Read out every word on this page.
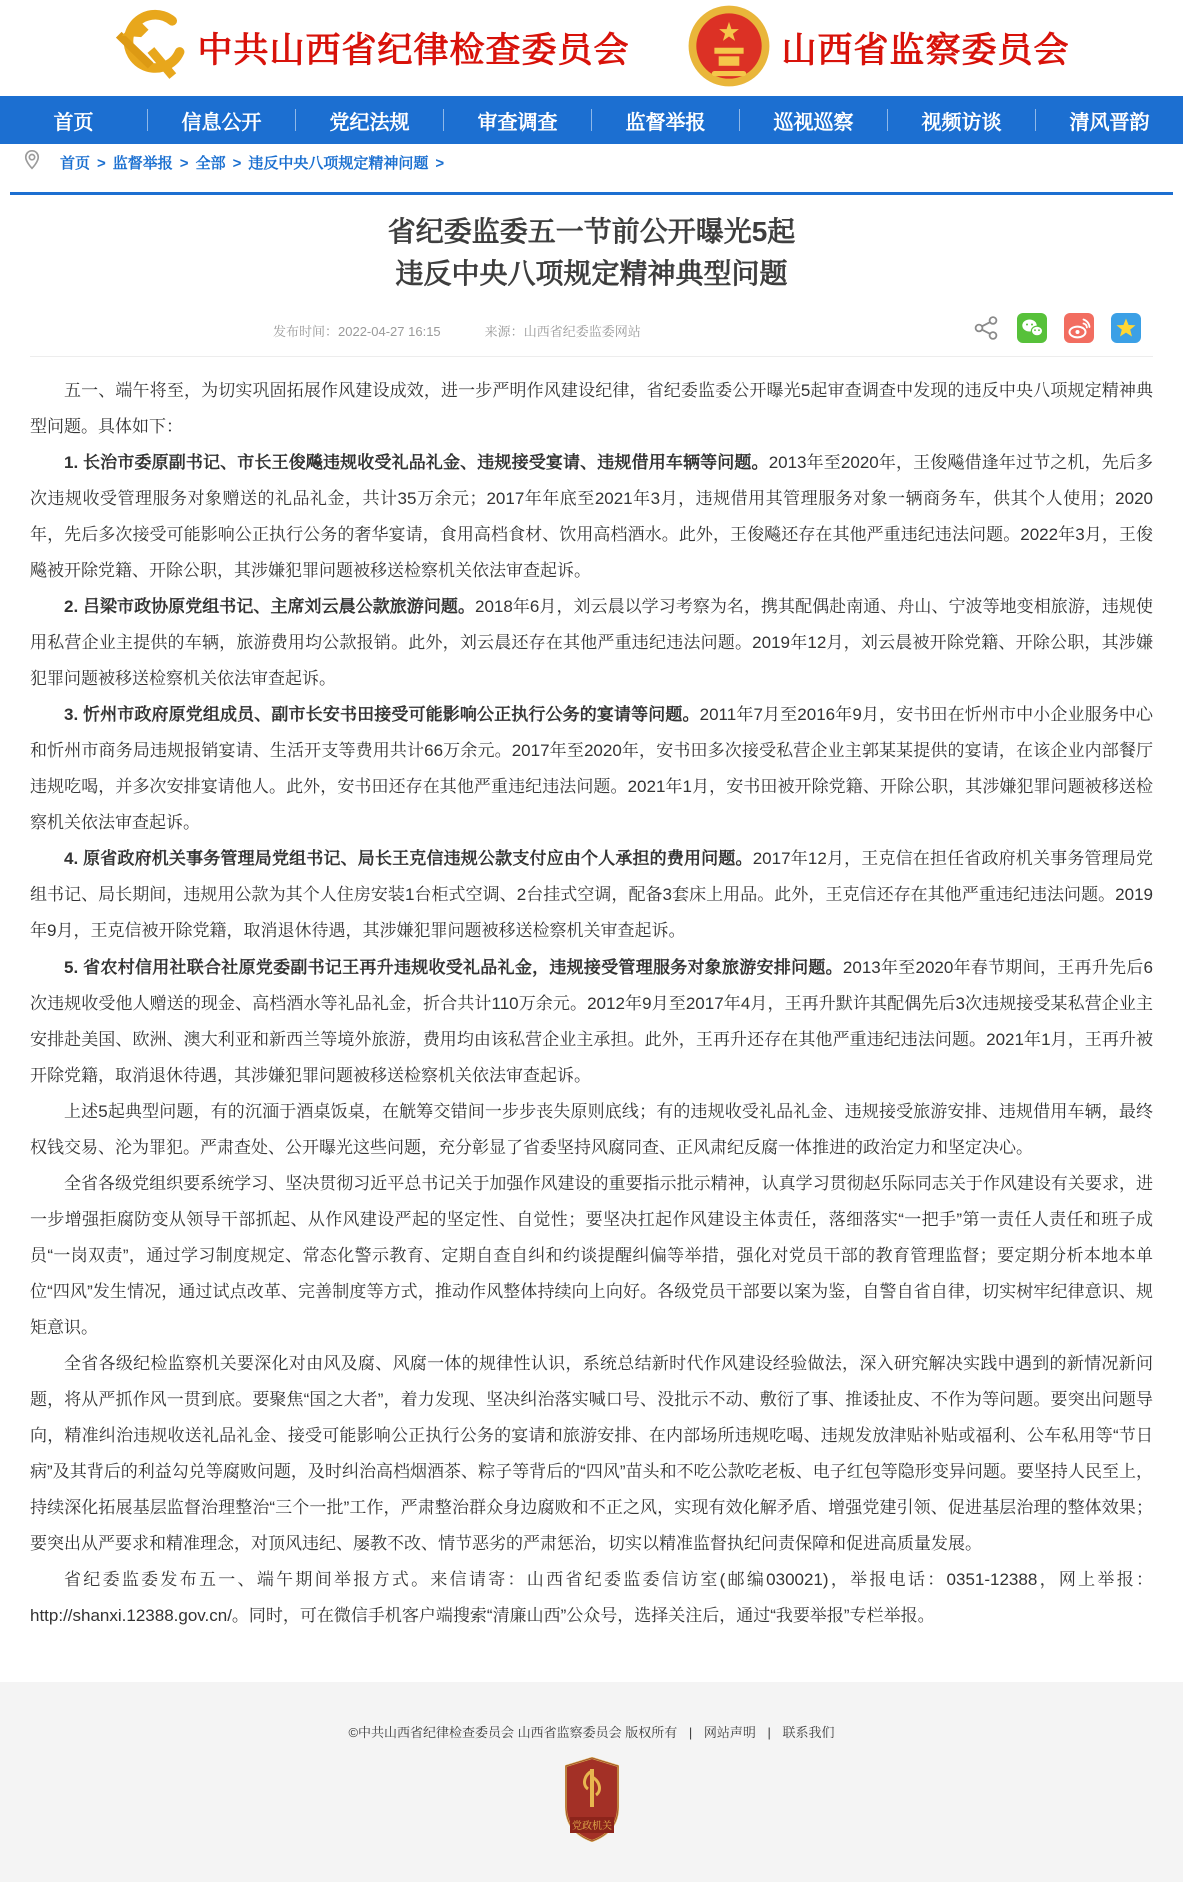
中共山西省纪律检查委员会	山西省监察委员会
首页	信息公开	党纪法规	审查调查	监督举报	巡视巡察	视频访谈	清风晋韵
首页 > 监督举报 > 全部 > 违反中央八项规定精神问题 >
省纪委监委五一节前公开曝光5起
违反中央八项规定精神典型问题
发布时间：2022-04-27 16:15	来源：山西省纪委监委网站

五一、端午将至，为切实巩固拓展作风建设成效，进一步严明作风建设纪律，省纪委监委公开曝光5起审查调查中发现的违反中央八项规定精神典型问题。具体如下：

1. 长治市委原副书记、市长王俊飚违规收受礼品礼金、违规接受宴请、违规借用车辆等问题。2013年至2020年，王俊飚借逢年过节之机，先后多次违规收受管理服务对象赠送的礼品礼金，共计35万余元；2017年年底至2021年3月，违规借用其管理服务对象一辆商务车，供其个人使用；2020年，先后多次接受可能影响公正执行公务的奢华宴请，食用高档食材、饮用高档酒水。此外，王俊飚还存在其他严重违纪违法问题。2022年3月，王俊飚被开除党籍、开除公职，其涉嫌犯罪问题被移送检察机关依法审查起诉。

2. 吕梁市政协原党组书记、主席刘云晨公款旅游问题。2018年6月，刘云晨以学习考察为名，携其配偶赴南通、舟山、宁波等地变相旅游，违规使用私营企业主提供的车辆，旅游费用均公款报销。此外，刘云晨还存在其他严重违纪违法问题。2019年12月，刘云晨被开除党籍、开除公职，其涉嫌犯罪问题被移送检察机关依法审查起诉。

3. 忻州市政府原党组成员、副市长安书田接受可能影响公正执行公务的宴请等问题。2011年7月至2016年9月，安书田在忻州市中小企业服务中心和忻州市商务局违规报销宴请、生活开支等费用共计66万余元。2017年至2020年，安书田多次接受私营企业主郭某某提供的宴请，在该企业内部餐厅违规吃喝，并多次安排宴请他人。此外，安书田还存在其他严重违纪违法问题。2021年1月，安书田被开除党籍、开除公职，其涉嫌犯罪问题被移送检察机关依法审查起诉。

4. 原省政府机关事务管理局党组书记、局长王克信违规公款支付应由个人承担的费用问题。2017年12月，王克信在担任省政府机关事务管理局党组书记、局长期间，违规用公款为其个人住房安装1台柜式空调、2台挂式空调，配备3套床上用品。此外，王克信还存在其他严重违纪违法问题。2019年9月，王克信被开除党籍，取消退休待遇，其涉嫌犯罪问题被移送检察机关审查起诉。

5. 省农村信用社联合社原党委副书记王再升违规收受礼品礼金，违规接受管理服务对象旅游安排问题。2013年至2020年春节期间，王再升先后6次违规收受他人赠送的现金、高档酒水等礼品礼金，折合共计110万余元。2012年9月至2017年4月，王再升默许其配偶先后3次违规接受某私营企业主安排赴美国、欧洲、澳大利亚和新西兰等境外旅游，费用均由该私营企业主承担。此外，王再升还存在其他严重违纪违法问题。2021年1月，王再升被开除党籍，取消退休待遇，其涉嫌犯罪问题被移送检察机关依法审查起诉。

上述5起典型问题，有的沉湎于酒桌饭桌，在觥筹交错间一步步丧失原则底线；有的违规收受礼品礼金、违规接受旅游安排、违规借用车辆，最终权钱交易、沦为罪犯。严肃查处、公开曝光这些问题，充分彰显了省委坚持风腐同查、正风肃纪反腐一体推进的政治定力和坚定决心。

全省各级党组织要系统学习、坚决贯彻习近平总书记关于加强作风建设的重要指示批示精神，认真学习贯彻赵乐际同志关于作风建设有关要求，进一步增强拒腐防变从领导干部抓起、从作风建设严起的坚定性、自觉性；要坚决扛起作风建设主体责任，落细落实“一把手”第一责任人责任和班子成员“一岗双责”，通过学习制度规定、常态化警示教育、定期自查自纠和约谈提醒纠偏等举措，强化对党员干部的教育管理监督；要定期分析本地本单位“四风”发生情况，通过试点改革、完善制度等方式，推动作风整体持续向上向好。各级党员干部要以案为鉴，自警自省自律，切实树牢纪律意识、规矩意识。

全省各级纪检监察机关要深化对由风及腐、风腐一体的规律性认识，系统总结新时代作风建设经验做法，深入研究解决实践中遇到的新情况新问题，将从严抓作风一贯到底。要聚焦“国之大者”，着力发现、坚决纠治落实喊口号、没批示不动、敷衍了事、推诿扯皮、不作为等问题。要突出问题导向，精准纠治违规收送礼品礼金、接受可能影响公正执行公务的宴请和旅游安排、在内部场所违规吃喝、违规发放津贴补贴或福利、公车私用等“节日病”及其背后的利益勾兑等腐败问题，及时纠治高档烟酒茶、粽子等背后的“四风”苗头和不吃公款吃老板、电子红包等隐形变异问题。要坚持人民至上，持续深化拓展基层监督治理整治“三个一批”工作，严肃整治群众身边腐败和不正之风，实现有效化解矛盾、增强党建引领、促进基层治理的整体效果；要突出从严要求和精准理念，对顶风违纪、屡教不改、情节恶劣的严肃惩治，切实以精准监督执纪问责保障和促进高质量发展。

省纪委监委发布五一、端午期间举报方式。来信请寄：山西省纪委监委信访室(邮编030021)，举报电话：0351-12388，网上举报：http://shanxi.12388.gov.cn/。同时，可在微信手机客户端搜索“清廉山西”公众号，选择关注后，通过“我要举报”专栏举报。

©中共山西省纪律检查委员会 山西省监察委员会 版权所有 | 网站声明 | 联系我们
党政机关
